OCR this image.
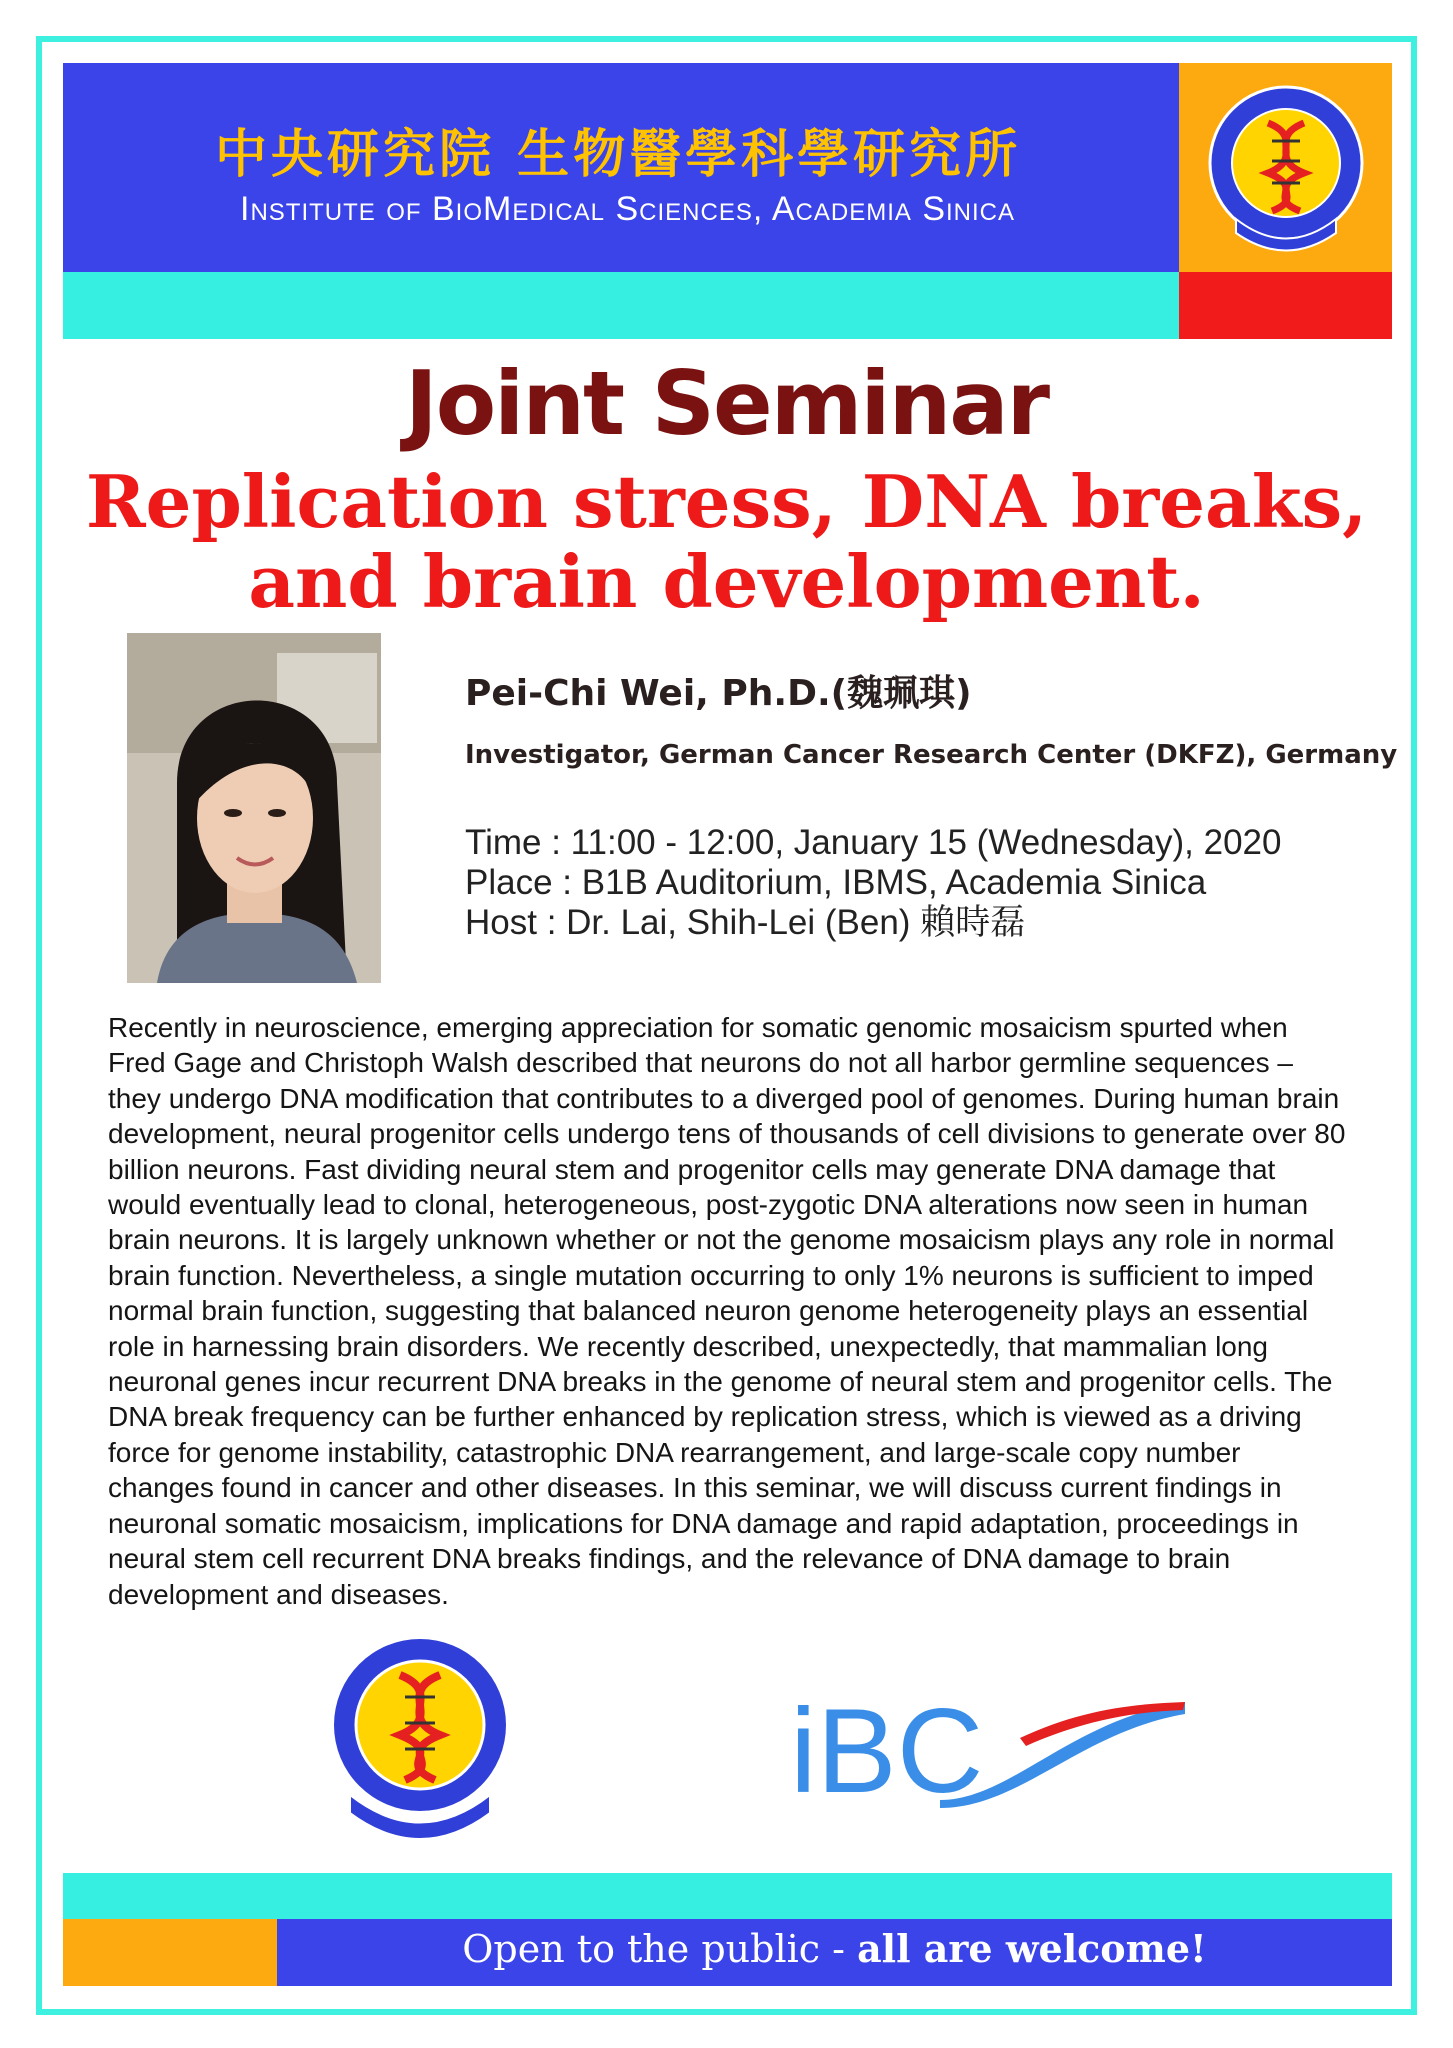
中央研究院 生物醫學科學研究所
Institute of BioMedical Sciences, Academia Sinica
Joint Seminar
Replication stress, DNA breaks,
and brain development.
Pei-Chi Wei, Ph.D.(魏珮琪)
Investigator, German Cancer Research Center (DKFZ), Germany
Time : 11:00 - 12:00, January 15 (Wednesday), 2020
Place : B1B Auditorium, IBMS, Academia Sinica
Host : Dr. Lai, Shih-Lei (Ben) 賴時磊
Recently in neuroscience, emerging appreciation for somatic genomic mosaicism spurted when Fred Gage and Christoph Walsh described that neurons do not all harbor germline sequences – they undergo DNA modification that contributes to a diverged pool of genomes. During human brain development, neural progenitor cells undergo tens of thousands of cell divisions to generate over 80 billion neurons. Fast dividing neural stem and progenitor cells may generate DNA damage that would eventually lead to clonal, heterogeneous, post-zygotic DNA alterations now seen in human brain neurons. It is largely unknown whether or not the genome mosaicism plays any role in normal brain function. Nevertheless, a single mutation occurring to only 1% neurons is sufficient to imped normal brain function, suggesting that balanced neuron genome heterogeneity plays an essential role in harnessing brain disorders. We recently described, unexpectedly, that mammalian long neuronal genes incur recurrent DNA breaks in the genome of neural stem and progenitor cells. The DNA break frequency can be further enhanced by replication stress, which is viewed as a driving force for genome instability, catastrophic DNA rearrangement, and large-scale copy number changes found in cancer and other diseases. In this seminar, we will discuss current findings in neuronal somatic mosaicism, implications for DNA damage and rapid adaptation, proceedings in neural stem cell recurrent DNA breaks findings, and the relevance of DNA damage to brain development and diseases.
iBC
Open to the public - all are welcome!
